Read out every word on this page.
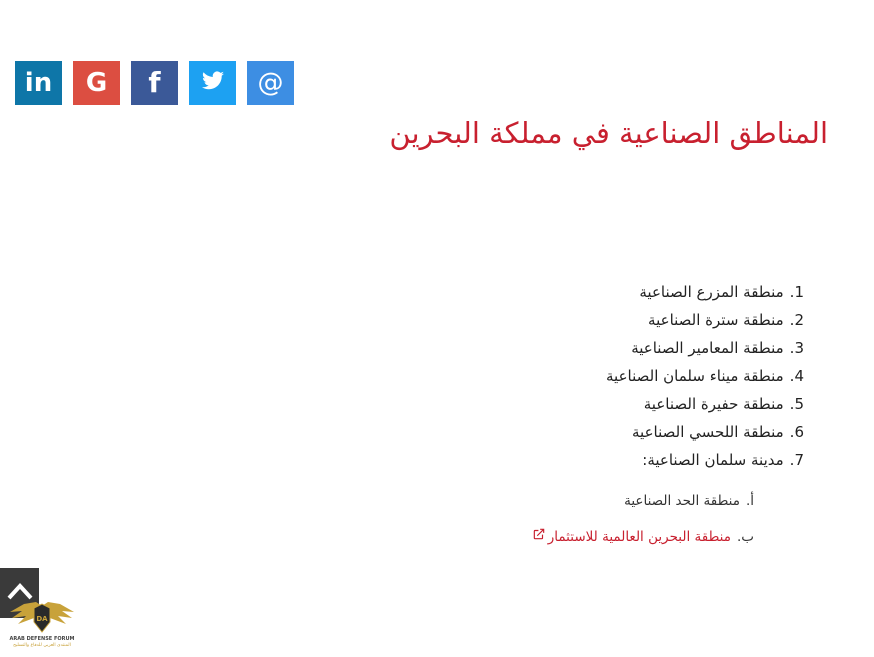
in G f	@
المناطق الصناعية في مملكة البحرين
1.منطقة المزرع الصناعية
2.منطقة سترة الصناعية
3.منطقة المعامير الصناعية
4.منطقة ميناء سلمان الصناعية
5.منطقة حفيرة الصناعية
6.منطقة اللحسي الصناعية
7.مدينة سلمان الصناعية:
أ.منطقة الحد الصناعية
ب.منطقة البحرين العالمية للاستثمار
DA
ARAB DEFENSE FORUM
المنتدى العربي للدفاع والتسليح
